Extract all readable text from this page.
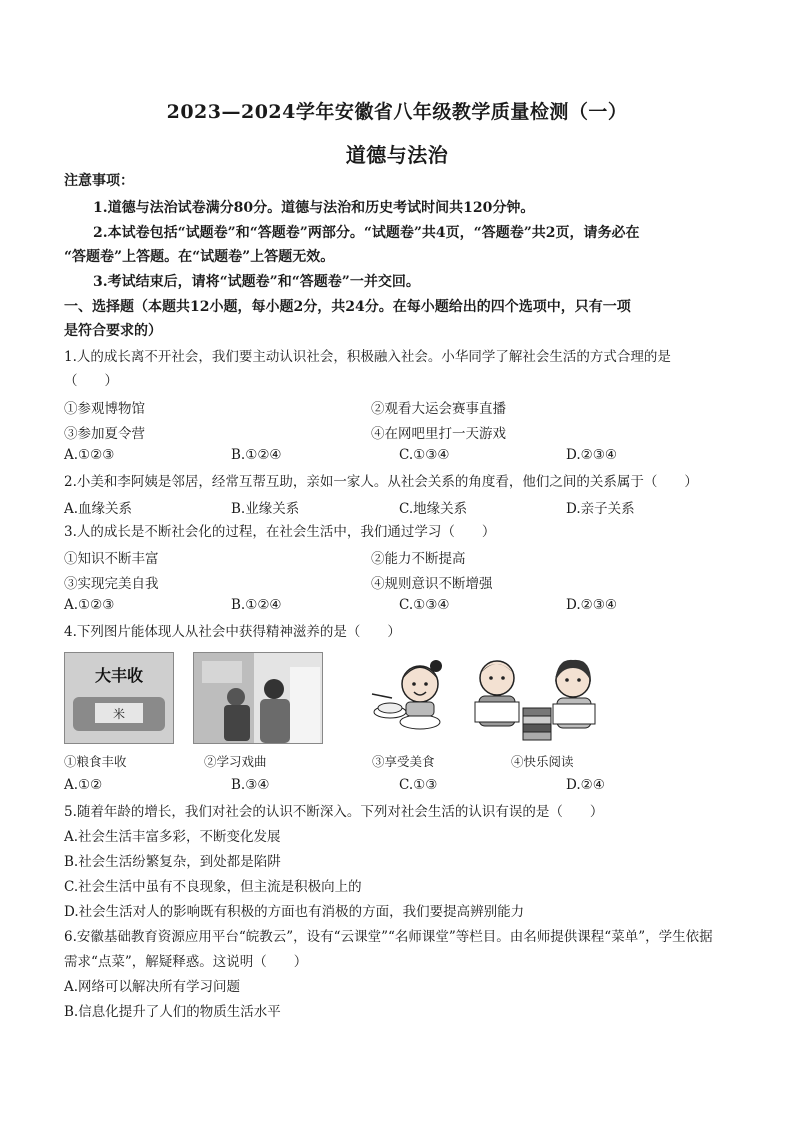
2023—2024学年安徽省八年级教学质量检测（一）
道德与法治
注意事项：
1.道德与法治试卷满分80分。道德与法治和历史考试时间共120分钟。
2.本试卷包括“试题卷”和“答题卷”两部分。“试题卷”共4页，“答题卷”共2页，请务必在
“答题卷”上答题。在“试题卷”上答题无效。
3.考试结束后，请将“试题卷”和“答题卷”一并交回。
一、选择题（本题共12小题，每小题2分，共24分。在每小题给出的四个选项中，只有一项
是符合要求的）
1.人的成长离不开社会，我们要主动认识社会，积极融入社会。小华同学了解社会生活的方式合理的是
（　　）
①参观博物馆	②观看大运会赛事直播
③参加夏令营	④在网吧里打一天游戏
A.①②③	B.①②④	C.①③④	D.②③④
2.小美和李阿姨是邻居，经常互帮互助，亲如一家人。从社会关系的角度看，他们之间的关系属于（　　）
A.血缘关系	B.业缘关系	C.地缘关系	D.亲子关系
3.人的成长是不断社会化的过程，在社会生活中，我们通过学习（　　）
①知识不断丰富	②能力不断提高
③实现完美自我	④规则意识不断增强
A.①②③	B.①②④	C.①③④	D.②③④
4.下列图片能体现人从社会中获得精神滋养的是（　　）
米
大丰收
①粮食丰收	②学习戏曲	③享受美食	④快乐阅读
A.①②	B.③④	C.①③	D.②④
5.随着年龄的增长，我们对社会的认识不断深入。下列对社会生活的认识有误的是（　　）
A.社会生活丰富多彩，不断变化发展
B.社会生活纷繁复杂，到处都是陷阱
C.社会生活中虽有不良现象，但主流是积极向上的
D.社会生活对人的影响既有积极的方面也有消极的方面，我们要提高辨别能力
6.安徽基础教育资源应用平台“皖教云”，设有“云课堂”“名师课堂”等栏目。由名师提供课程“菜单”，学生依据
需求“点菜”，解疑释惑。这说明（　　）
A.网络可以解决所有学习问题
B.信息化提升了人们的物质生活水平
